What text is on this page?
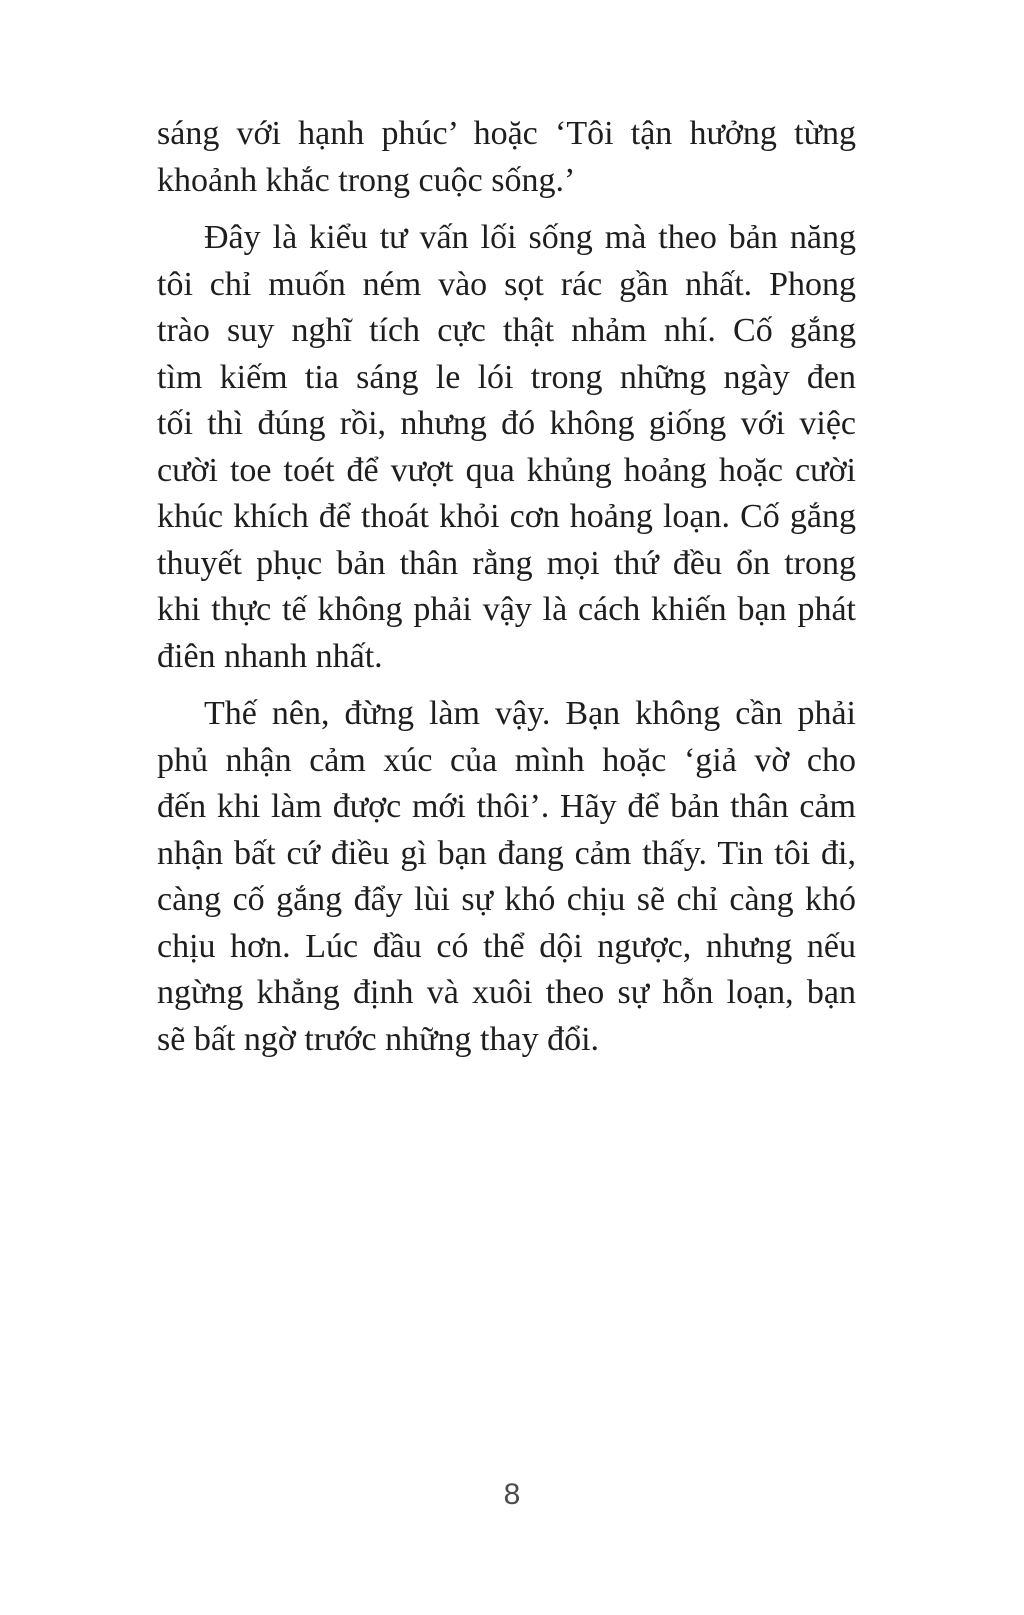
sáng với hạnh phúc’ hoặc ‘Tôi tận hưởng từng
khoảnh khắc trong cuộc sống.’
Đây là kiểu tư vấn lối sống mà theo bản năng
tôi chỉ muốn ném vào sọt rác gần nhất. Phong
trào suy nghĩ tích cực thật nhảm nhí. Cố gắng
tìm kiếm tia sáng le lói trong những ngày đen
tối thì đúng rồi, nhưng đó không giống với việc
cười toe toét để vượt qua khủng hoảng hoặc cười
khúc khích để thoát khỏi cơn hoảng loạn. Cố gắng
thuyết phục bản thân rằng mọi thứ đều ổn trong
khi thực tế không phải vậy là cách khiến bạn phát
điên nhanh nhất.
Thế nên, đừng làm vậy. Bạn không cần phải
phủ nhận cảm xúc của mình hoặc ‘giả vờ cho
đến khi làm được mới thôi’. Hãy để bản thân cảm
nhận bất cứ điều gì bạn đang cảm thấy. Tin tôi đi,
càng cố gắng đẩy lùi sự khó chịu sẽ chỉ càng khó
chịu hơn. Lúc đầu có thể dội ngược, nhưng nếu
ngừng khẳng định và xuôi theo sự hỗn loạn, bạn
sẽ bất ngờ trước những thay đổi.
8
